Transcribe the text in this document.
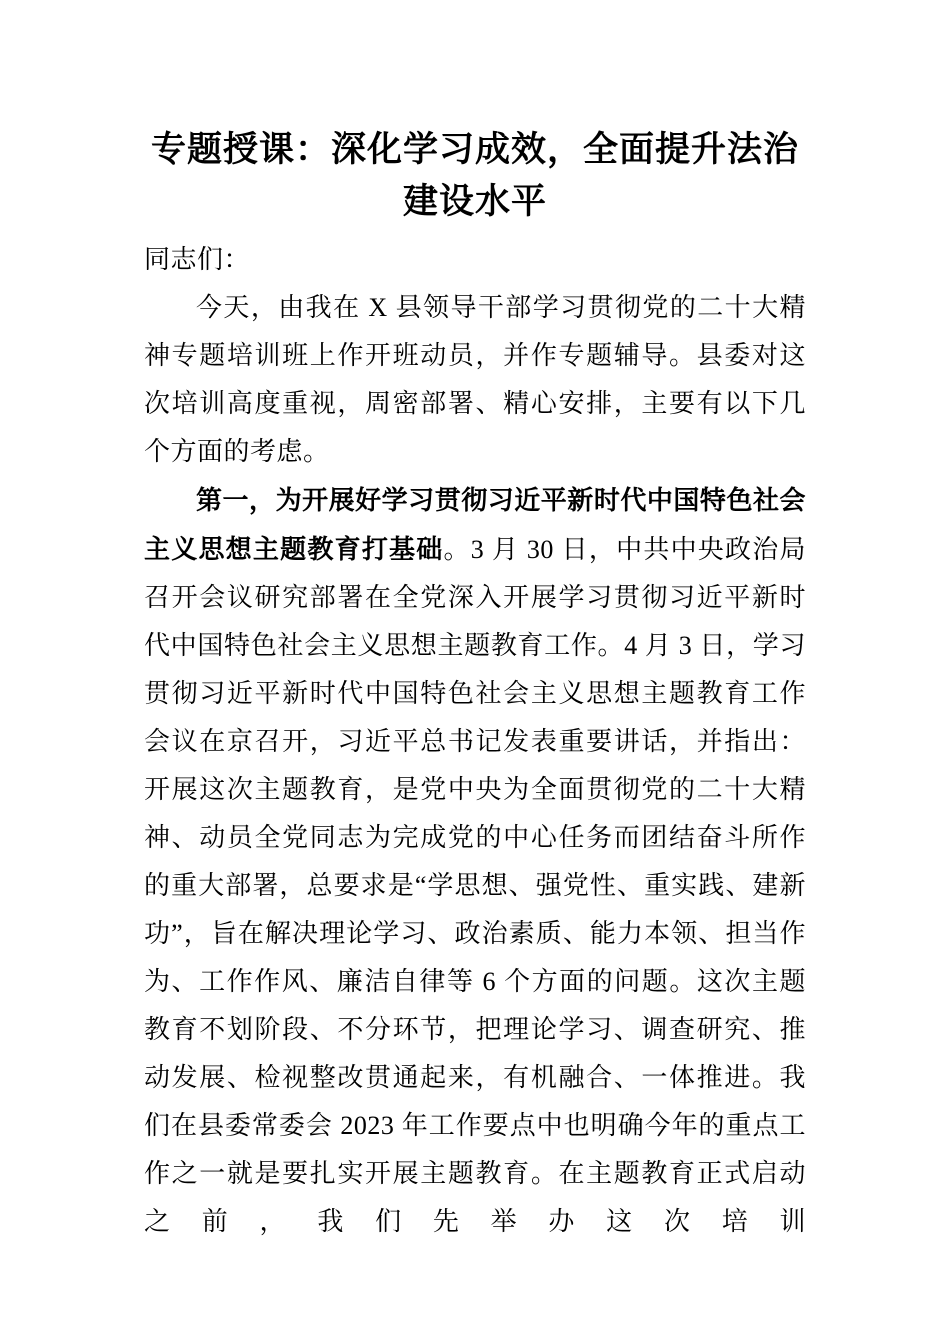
专题授课：深化学习成效，全面提升法治建设水平

同志们：

今天，由我在 X 县领导干部学习贯彻党的二十大精神专题培训班上作开班动员，并作专题辅导。县委对这次培训高度重视，周密部署、精心安排，主要有以下几个方面的考虑。

第一，为开展好学习贯彻习近平新时代中国特色社会主义思想主题教育打基础。3 月 30 日，中共中央政治局召开会议研究部署在全党深入开展学习贯彻习近平新时代中国特色社会主义思想主题教育工作。4 月 3 日，学习贯彻习近平新时代中国特色社会主义思想主题教育工作会议在京召开，习近平总书记发表重要讲话，并指出：开展这次主题教育，是党中央为全面贯彻党的二十大精神、动员全党同志为完成党的中心任务而团结奋斗所作的重大部署，总要求是“学思想、强党性、重实践、建新功”，旨在解决理论学习、政治素质、能力本领、担当作为、工作作风、廉洁自律等 6 个方面的问题。这次主题教育不划阶段、不分环节，把理论学习、调查研究、推动发展、检视整改贯通起来，有机融合、一体推进。我们在县委常委会 2023 年工作要点中也明确今年的重点工作之一就是要扎实开展主题教育。在主题教育正式启动之前，我们先举办这次培训
